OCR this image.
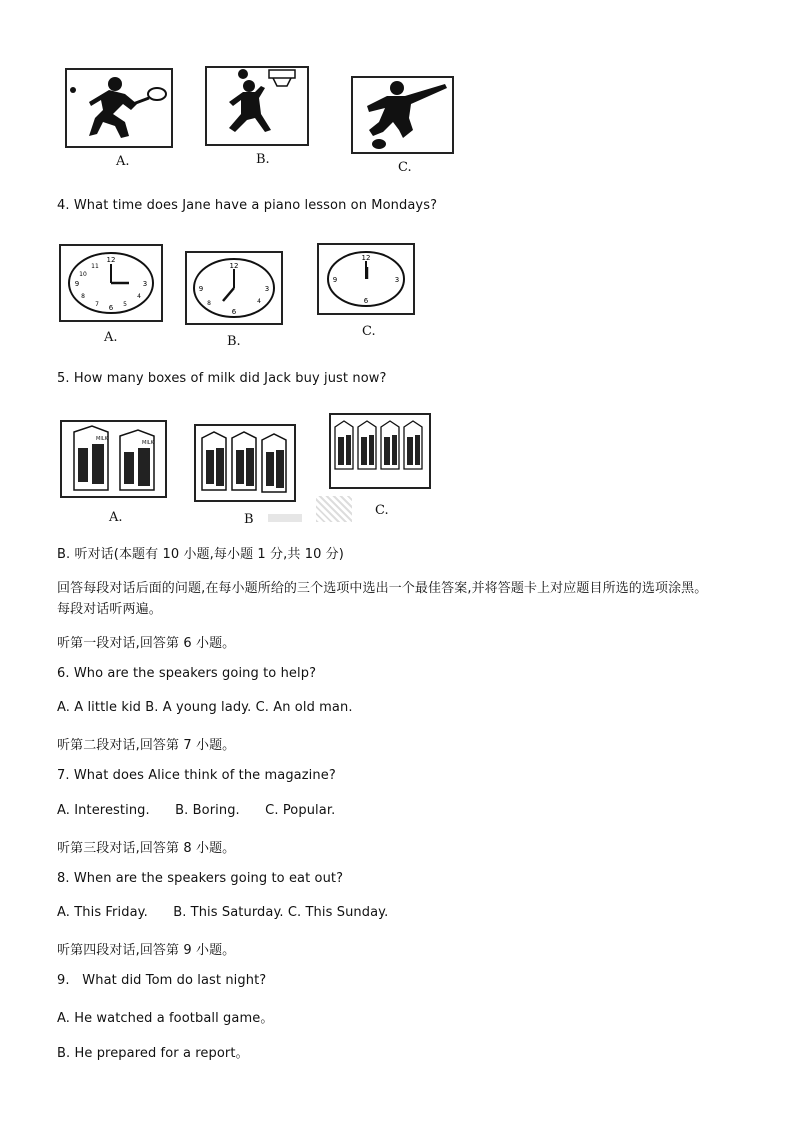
A.	B.
C.
4. What time does Jane have a piano lesson on Mondays?
12
3
6
9
11
10
8
7	5
4
A.
12
3
6
9
8	4
B.
12
3
6
9
C.
5. How many boxes of milk did Jack buy just now?
MILK
MILK
A.	B
C.
B. 听对话(本题有 10 小题,每小题 1 分,共 10 分)
回答每段对话后面的问题,在每小题所给的三个选项中选出一个最佳答案,并将答题卡上对应题目所选的选项涂黑。
每段对话听两遍。
听第一段对话,回答第 6 小题。
6. Who are the speakers going to help?
A. A little kid B. A young lady. C. An old man.
听第二段对话,回答第 7 小题。
7. What does Alice think of the magazine?
A. Interesting.      B. Boring.      C. Popular.
听第三段对话,回答第 8 小题。
8. When are the speakers going to eat out?
A. This Friday.      B. This Saturday. C. This Sunday.
听第四段对话,回答第 9 小题。
9.   What did Tom do last night?
A. He watched a football game。
B. He prepared for a report。
